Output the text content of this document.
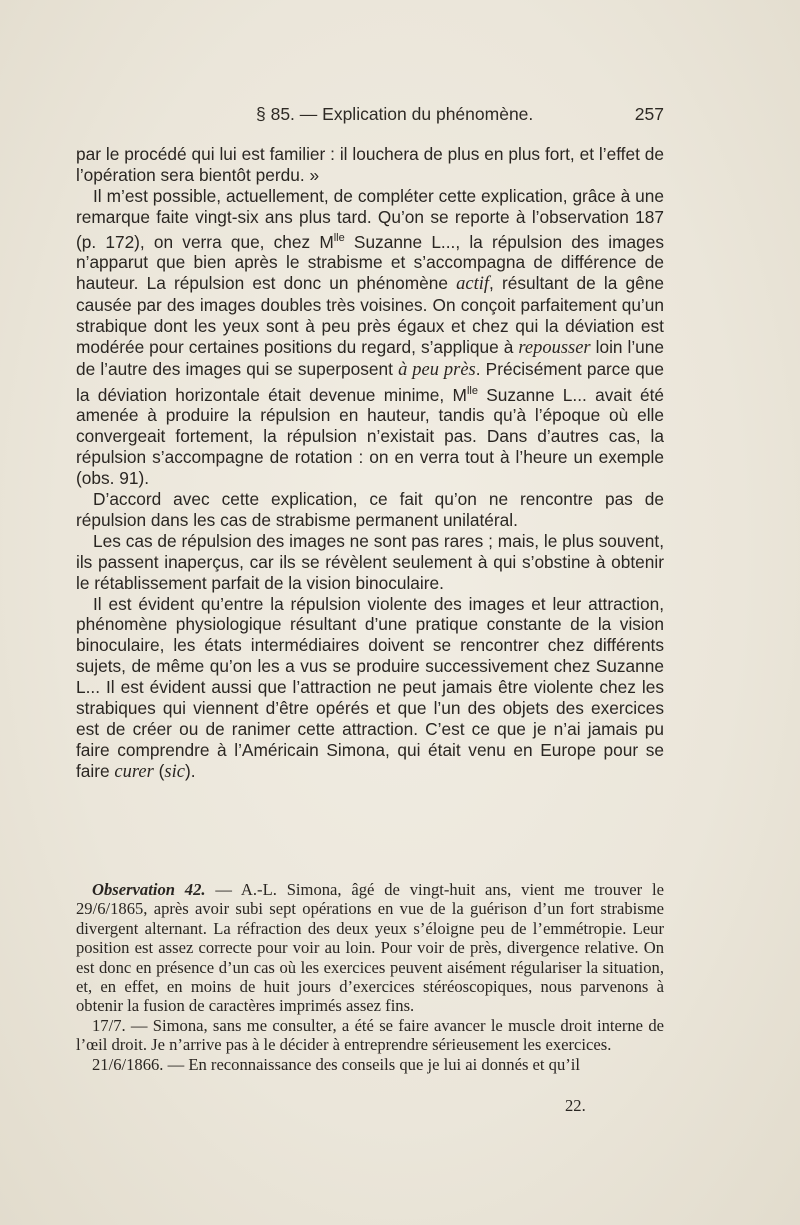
§ 85. — Explication du phénomène.	257

par le procédé qui lui est familier : il louchera de plus en plus fort, et l’effet de l’opération sera bientôt perdu. »

Il m’est possible, actuellement, de compléter cette explication, grâce à une remarque faite vingt-six ans plus tard. Qu’on se reporte à l’observation 187 (p. 172), on verra que, chez $M^{lle}$ Suzanne L..., la répulsion des images n’apparut que bien après le strabisme et s’accompagna de différence de hauteur. La répulsion est donc un phénomène actif, résultant de la gêne causée par des images doubles très voisines. On conçoit parfaitement qu’un strabique dont les yeux sont à peu près égaux et chez qui la déviation est modérée pour certaines positions du regard, s’applique à repousser loin l’une de l’autre des images qui se superposent à peu près. Précisément parce que la déviation horizontale était devenue minime, $M^{lle}$ Suzanne L... avait été amenée à produire la répulsion en hauteur, tandis qu’à l’époque où elle convergeait fortement, la répulsion n’existait pas. Dans d’autres cas, la répulsion s’accompagne de rotation : on en verra tout à l’heure un exemple (obs. 91).

D’accord avec cette explication, ce fait qu’on ne rencontre pas de répulsion dans les cas de strabisme permanent unilatéral.

Les cas de répulsion des images ne sont pas rares ; mais, le plus souvent, ils passent inaperçus, car ils se révèlent seulement à qui s’obstine à obtenir le rétablissement parfait de la vision binoculaire.

Il est évident qu’entre la répulsion violente des images et leur attraction, phénomène physiologique résultant d’une pratique constante de la vision binoculaire, les états intermédiaires doivent se rencontrer chez différents sujets, de même qu’on les a vus se produire successivement chez Suzanne L... Il est évident aussi que l’attraction ne peut jamais être violente chez les strabiques qui viennent d’être opérés et que l’un des objets des exercices est de créer ou de ranimer cette attraction. C’est ce que je n’ai jamais pu faire comprendre à l’Américain Simona, qui était venu en Europe pour se faire curer (sic).

Observation 42. — A.-L. Simona, âgé de vingt-huit ans, vient me trouver le 29/6/1865, après avoir subi sept opérations en vue de la guérison d’un fort strabisme divergent alternant. La réfraction des deux yeux s’éloigne peu de l’emmétropie. Leur position est assez correcte pour voir au loin. Pour voir de près, divergence relative. On est donc en présence d’un cas où les exercices peuvent aisément régulariser la situation, et, en effet, en moins de huit jours d’exercices stéréoscopiques, nous parvenons à obtenir la fusion de caractères imprimés assez fins.

17/7. — Simona, sans me consulter, a été se faire avancer le muscle droit interne de l’œil droit. Je n’arrive pas à le décider à entreprendre sérieusement les exercices.

21/6/1866. — En reconnaissance des conseils que je lui ai donnés et qu’il

22.
